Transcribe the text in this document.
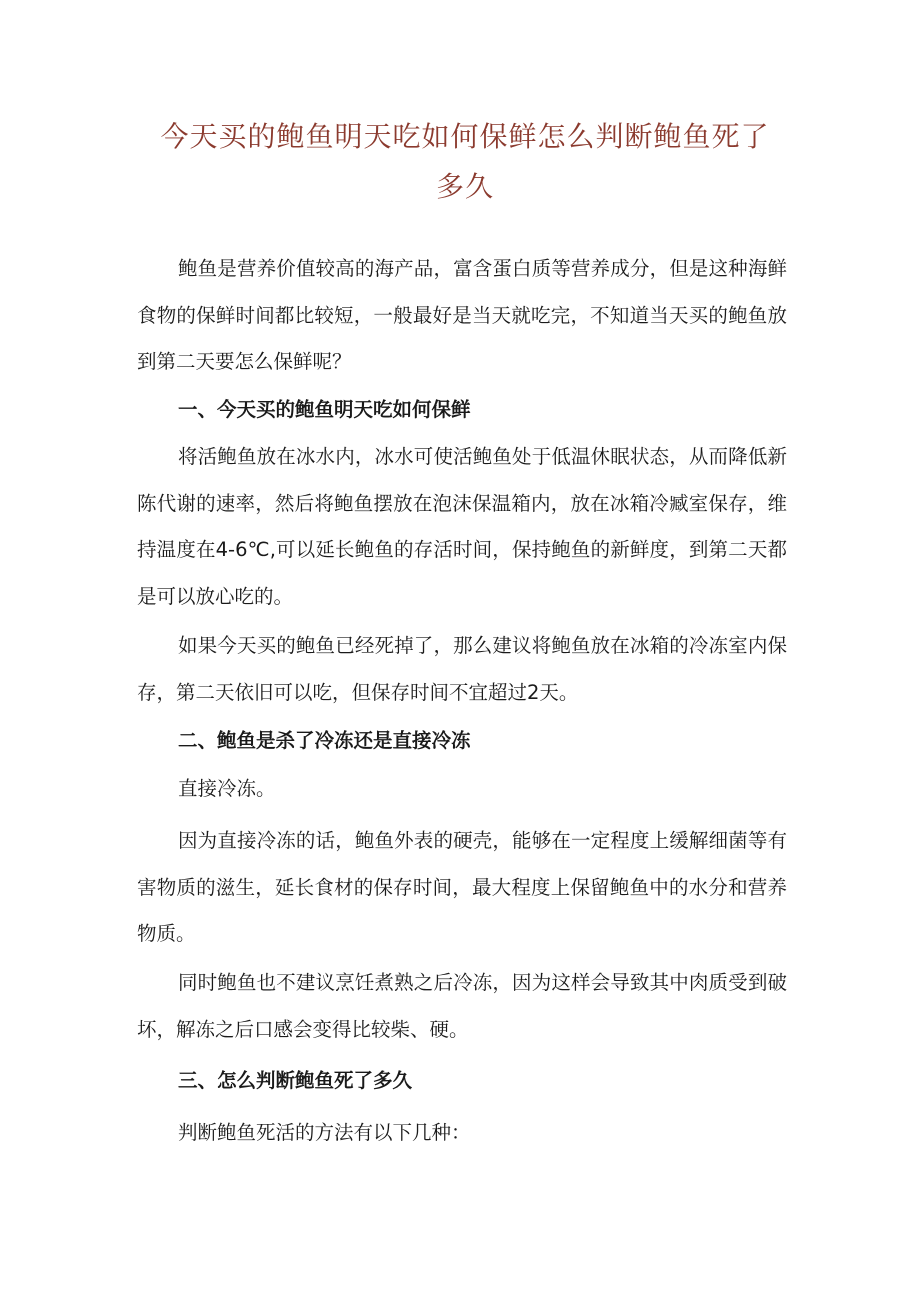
今天买的鲍鱼明天吃如何保鲜怎么判断鲍鱼死了多久

鲍鱼是营养价值较高的海产品，富含蛋白质等营养成分，但是这种海鲜食物的保鲜时间都比较短，一般最好是当天就吃完，不知道当天买的鲍鱼放到第二天要怎么保鲜呢？

一、今天买的鲍鱼明天吃如何保鲜

将活鲍鱼放在冰水内，冰水可使活鲍鱼处于低温休眠状态，从而降低新陈代谢的速率，然后将鲍鱼摆放在泡沫保温箱内，放在冰箱冷臧室保存，维持温度在4-6℃,可以延长鲍鱼的存活时间，保持鲍鱼的新鲜度，到第二天都是可以放心吃的。

如果今天买的鲍鱼已经死掉了，那么建议将鲍鱼放在冰箱的冷冻室内保存，第二天依旧可以吃，但保存时间不宜超过2天。

二、鲍鱼是杀了冷冻还是直接冷冻

直接冷冻。

因为直接冷冻的话，鲍鱼外表的硬壳，能够在一定程度上缓解细菌等有害物质的滋生，延长食材的保存时间，最大程度上保留鲍鱼中的水分和营养物质。

同时鲍鱼也不建议烹饪煮熟之后冷冻，因为这样会导致其中肉质受到破坏，解冻之后口感会变得比较柴、硬。

三、怎么判断鲍鱼死了多久

判断鲍鱼死活的方法有以下几种：
